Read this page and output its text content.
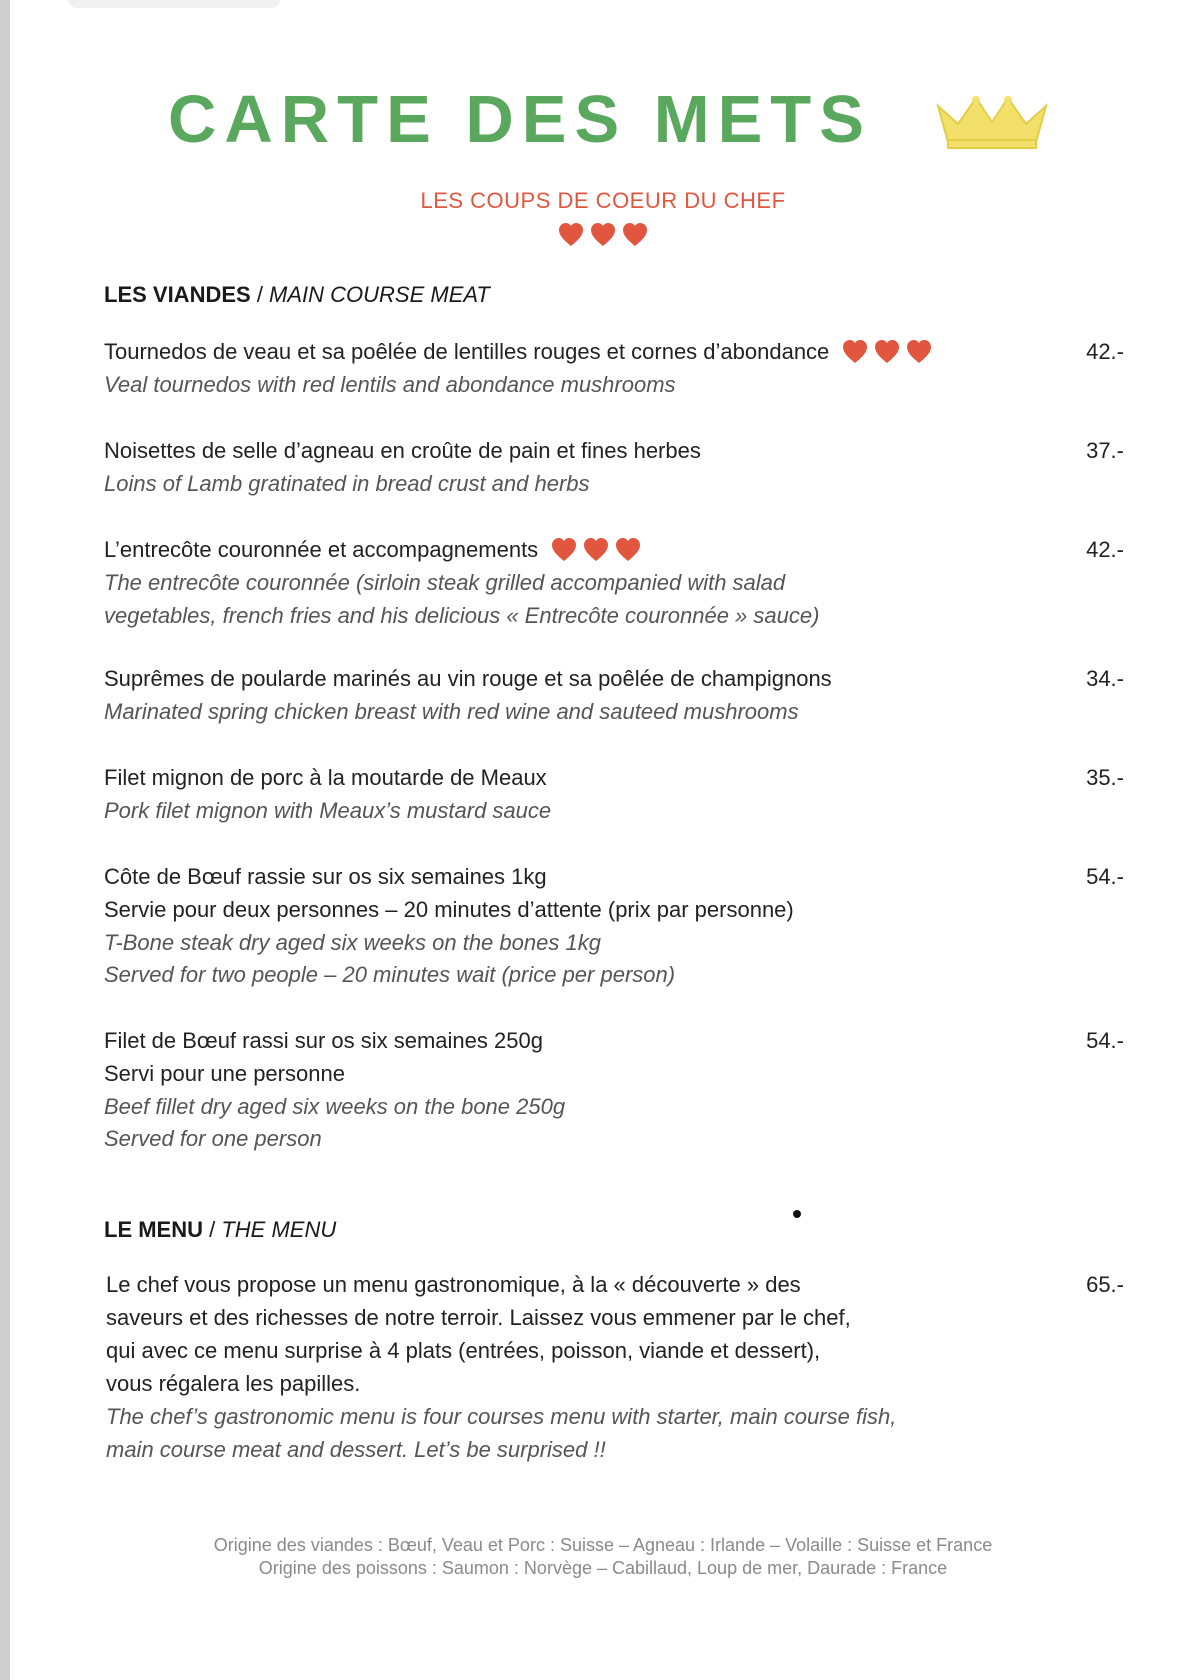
CARTE DES METS
LES COUPS DE COEUR DU CHEF
LES VIANDES / MAIN COURSE MEAT
42.-
Tournedos de veau et sa poêlée de lentilles rouges et cornes d’abondance
Veal tournedos with red lentils and abondance mushrooms
37.-
Noisettes de selle d’agneau en croûte de pain et fines herbes
Loins of Lamb gratinated in bread crust and herbs
42.-
L’entrecôte couronnée et accompagnements
The entrecôte couronnée (sirloin steak grilled accompanied with salad
vegetables, french fries and his delicious « Entrecôte couronnée » sauce)
34.-
Suprêmes de poularde marinés au vin rouge et sa poêlée de champignons
Marinated spring chicken breast with red wine and sauteed mushrooms
35.-
Filet mignon de porc à la moutarde de Meaux
Pork filet mignon with Meaux’s mustard sauce
54.-
Côte de Bœuf rassie sur os six semaines 1kg
Servie pour deux personnes – 20 minutes d’attente (prix par personne)
T-Bone steak dry aged six weeks on the bones 1kg
Served for two people – 20 minutes wait (price per person)
54.-
Filet de Bœuf rassi sur os six semaines 250g
Servi pour une personne
Beef fillet dry aged six weeks on the bone 250g
Served for one person
LE MENU / THE MENU
65.-
Le chef vous propose un menu gastronomique, à la « découverte » des
saveurs et des richesses de notre terroir. Laissez vous emmener par le chef,
qui avec ce menu surprise à 4 plats (entrées, poisson, viande et dessert),
vous régalera les papilles.
The chef’s gastronomic menu is four courses menu with starter, main course fish,
main course meat and dessert. Let’s be surprised !!
Origine des viandes : Bœuf, Veau et Porc : Suisse – Agneau : Irlande – Volaille : Suisse et France
Origine des poissons : Saumon : Norvège – Cabillaud, Loup de mer, Daurade : France
